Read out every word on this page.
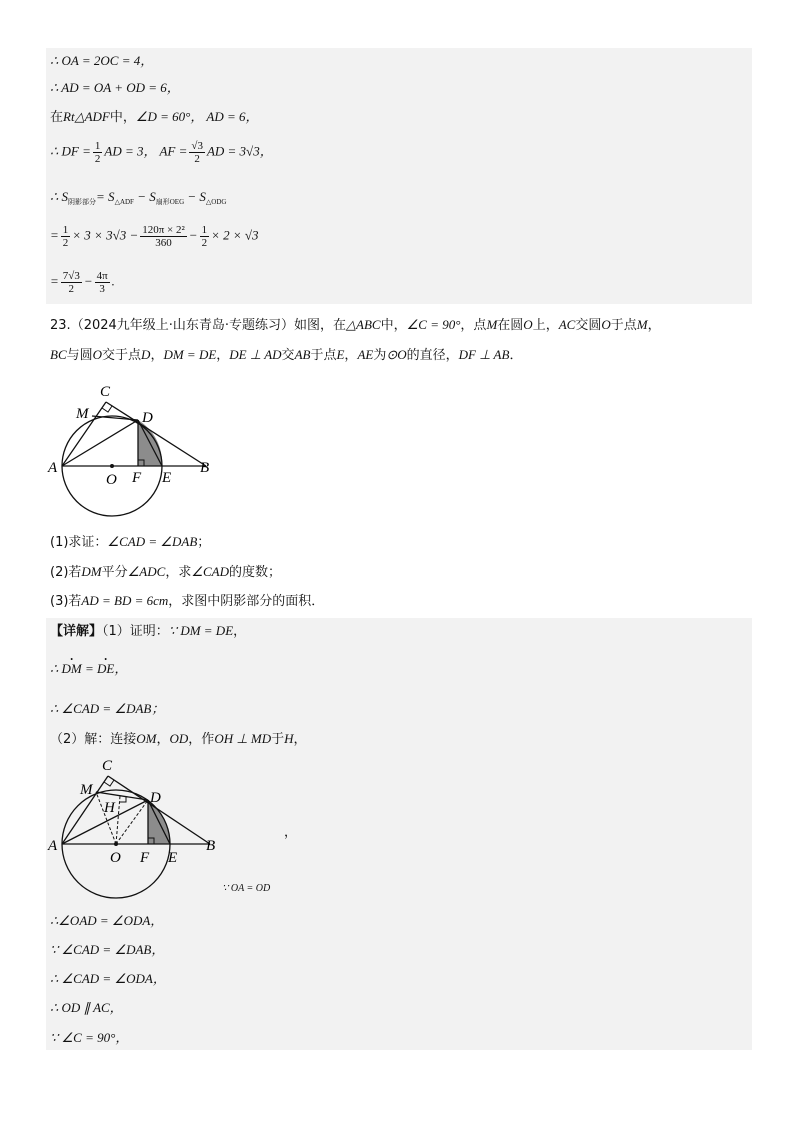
∴ OA = 2OC = 4，
∴ AD = OA + OD = 6，
在Rt△ADF中，∠D = 60°， AD = 6，
∴ DF = $\frac{1}{2}$ AD = 3， AF = $\frac{√3}{2}$ AD = 3√3，
∴ $S_{阴影部分}= S_{\triangle ADF} - S_{扇形OEG} - S_{\triangle ODG}$
= $\frac{1}{2} \times 3 \times 3√3 - \frac{\text{120π × 2²}}{360} - \frac{1}{2} \times 2 \times √3$
= $\frac{7√3}{2} - \frac{4\pi}{3}$ .
23.（2024九年级上·山东青岛·专题练习）如图，在△ABC中，∠C = 90°，点M在圆O上，AC交圆O于点M，
BC与圆O交于点D，DM = DE，DE ⊥ AD交AB于点E，AE为⊙O的直径，DF ⊥ AB．
C
M	D
A	B
O F E
(1)求证：∠CAD = ∠DAB；
(2)若DM平分∠ADC，求∠CAD的度数；
(3)若AD = BD = 6cm，求图中阴影部分的面积．
【详解】（1）证明：∵ DM = DE，
∴ • DM = • DE，
∴ ∠CAD = ∠DAB；
（2）解：连接OM，OD，作OH ⊥ MD于H，
C
M
H
D
A	B
O F E
，
∵ OA = OD
∴∠OAD = ∠ODA，
∵ ∠CAD = ∠DAB，
∴ ∠CAD = ∠ODA，
∴ OD ∥ AC，
∵ ∠C = 90°，
